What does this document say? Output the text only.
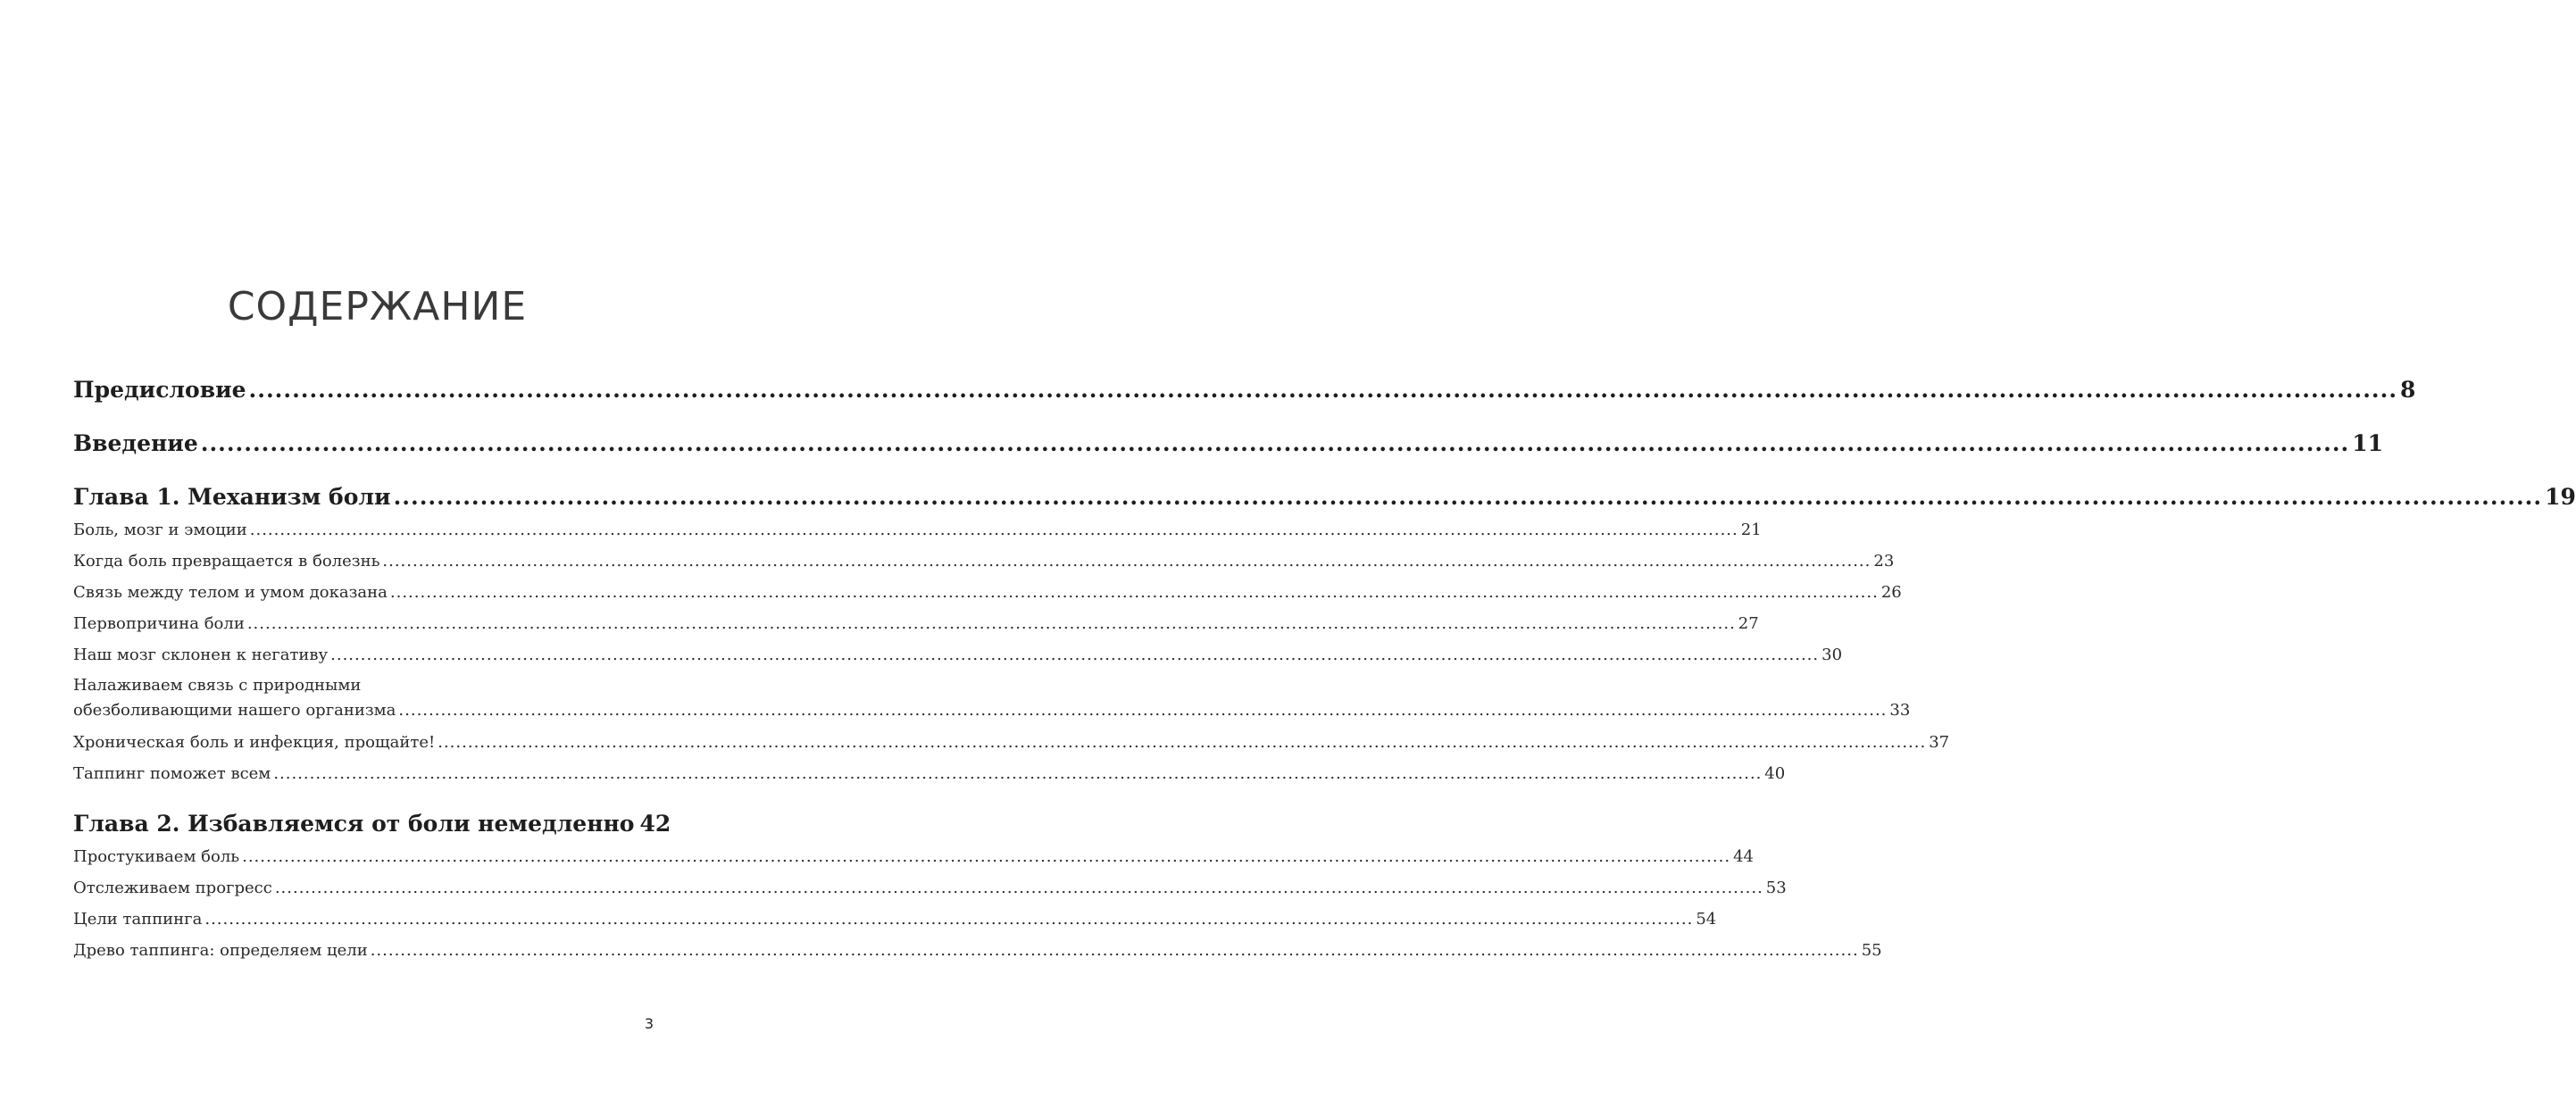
СОДЕРЖАНИЕ
Предисловие .....	8
Введение .....	11
Глава 1. Механизм боли .....	19
Боль, мозг и эмоции .....	21
Когда боль превращается в болезнь .....	23
Связь между телом и умом доказана .....	26
Первопричина боли .....	27
Наш мозг склонен к негативу .....	30
Налаживаем связь с природными
обезболивающими нашего организма .....	33
Хроническая боль и инфекция, прощайте! .....	37
Таппинг поможет всем .....	40
Глава 2. Избавляемся от боли немедленно 42
Простукиваем боль .....	44
Отслеживаем прогресс .....	53
Цели таппинга .....	54
Древо таппинга: определяем цели .....	55
3
